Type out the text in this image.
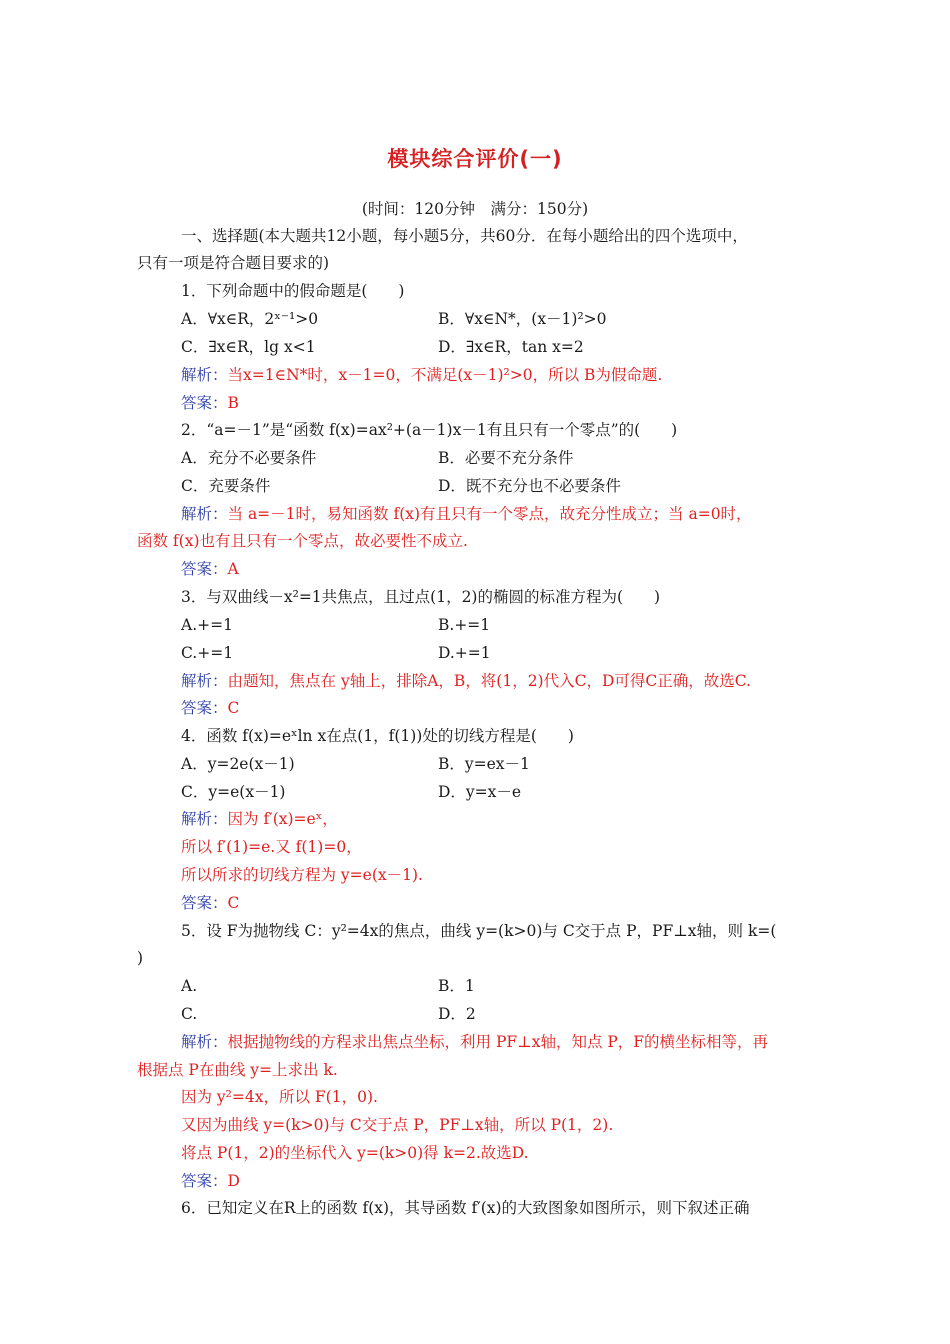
模块综合评价(一)
(时间：120分钟　满分：150分)
一、选择题(本大题共12小题，每小题5分，共60分．在每小题给出的四个选项中，
只有一项是符合题目要求的)
1．下列命题中的假命题是(　　)
A．∀x∈R，2ˣ⁻¹>0	B．∀x∈N*，(x－1)²>0
C．∃x∈R，lg x<1	D．∃x∈R，tan x=2
解析：当x=1∈N*时，x－1=0，不满足(x－1)²>0，所以 B为假命题.
答案：B
2．“a=－1”是“函数 f(x)=ax²+(a－1)x－1有且只有一个零点”的(　　)
A．充分不必要条件	B．必要不充分条件
C．充要条件	D．既不充分也不必要条件
解析：当 a=－1时，易知函数 f(x)有且只有一个零点，故充分性成立；当 a=0时，
函数 f(x)也有且只有一个零点，故必要性不成立.
答案：A
3．与双曲线－x²=1共焦点，且过点(1，2)的椭圆的标准方程为(　　)
A.+=1	B.+=1
C.+=1	D.+=1
解析：由题知，焦点在 y轴上，排除A，B，将(1，2)代入C，D可得C正确，故选C.
答案：C
4．函数 f(x)=eˣln x在点(1，f(1))处的切线方程是(　　)
A．y=2e(x－1)	B．y=ex－1
C．y=e(x－1)	D．y=x－e
解析：因为 f′(x)=eˣ，
所以 f′(1)=e.又 f(1)=0，
所以所求的切线方程为 y=e(x－1).
答案：C
5．设 F为抛物线 C：y²=4x的焦点，曲线 y=(k>0)与 C交于点 P，PF⊥x轴，则 k=(
)
A.	B．1
C.	D．2
解析：根据抛物线的方程求出焦点坐标，利用 PF⊥x轴，知点 P，F的横坐标相等，再
根据点 P在曲线 y=上求出 k.
因为 y²=4x，所以 F(1，0).
又因为曲线 y=(k>0)与 C交于点 P，PF⊥x轴，所以 P(1，2).
将点 P(1，2)的坐标代入 y=(k>0)得 k=2.故选D.
答案：D
6．已知定义在R上的函数 f(x)，其导函数 f′(x)的大致图象如图所示，则下叙述正确
